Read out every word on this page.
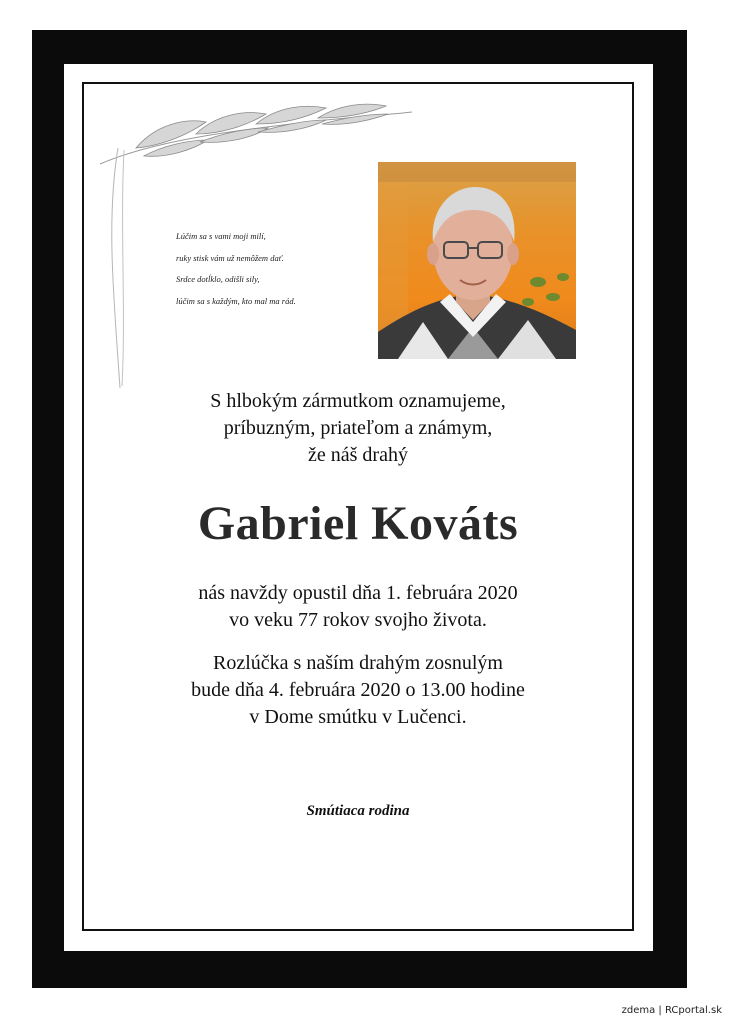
Lúčim sa s vami moji milí,
ruky stisk vám už nemôžem dať.
Srdce dotĺklo, odišli sily,
lúčim sa s každým, kto mal ma rád.
S hlbokým zármutkom oznamujeme,
príbuzným, priateľom a známym,
že náš drahý
Gabriel Kováts
nás navždy opustil dňa 1. februára 2020
vo veku 77 rokov svojho života.
Rozlúčka s naším drahým zosnulým
bude dňa 4. februára 2020 o 13.00 hodine
v Dome smútku v Lučenci.
Smútiaca rodina
zdema | RCportal.sk
